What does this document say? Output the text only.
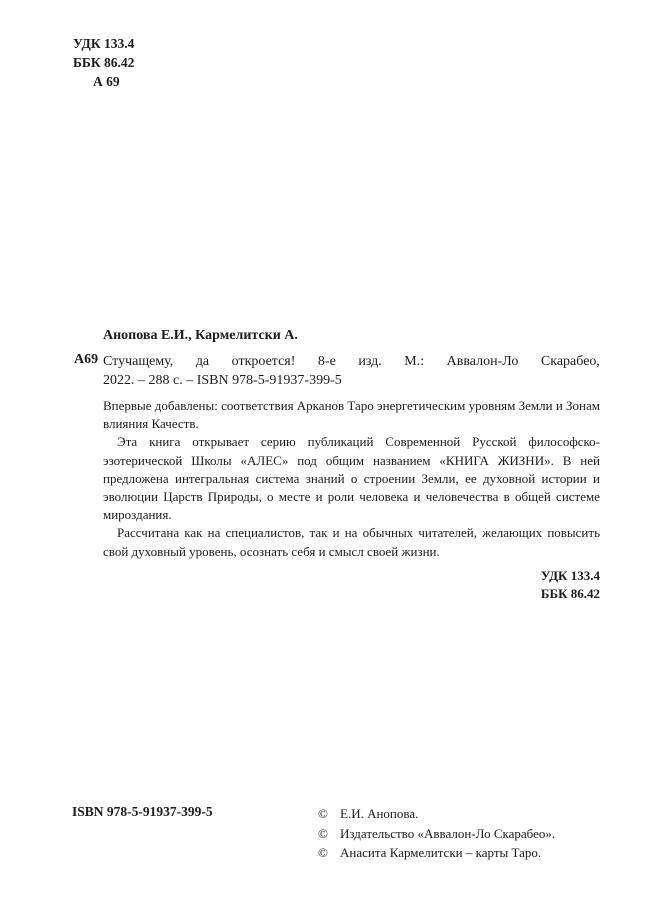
УДК 133.4
ББК 86.42
А 69
Анопова Е.И., Кармелитски А.
А69 Стучащему, да откроется! 8-е изд. М.: Аввалон-Ло Скарабео,
2022. – 288 с. – ISBN 978-5-91937-399-5

Впервые добавлены: соответствия Арканов Таро энергетическим уровням Земли и Зонам влияния Качеств.

Эта книга открывает серию публикаций Современной Русской философско-эзотерической Школы «АЛЕС» под общим названием «КНИГА ЖИЗНИ». В ней предложена интегральная система знаний о строении Земли, ее духовной истории и эволюции Царств Природы, о месте и роли человека и человечества в общей системе мироздания.

Рассчитана как на специалистов, так и на обычных читателей, желающих повысить свой духовный уровень, осознать себя и смысл своей жизни.

УДК 133.4
ББК 86.42
ISBN 978-5-91937-399-5	© Е.И. Анопова.
© Издательство «Аввалон-Ло Скарабео».
© Анасита Кармелитски – карты Таро.
